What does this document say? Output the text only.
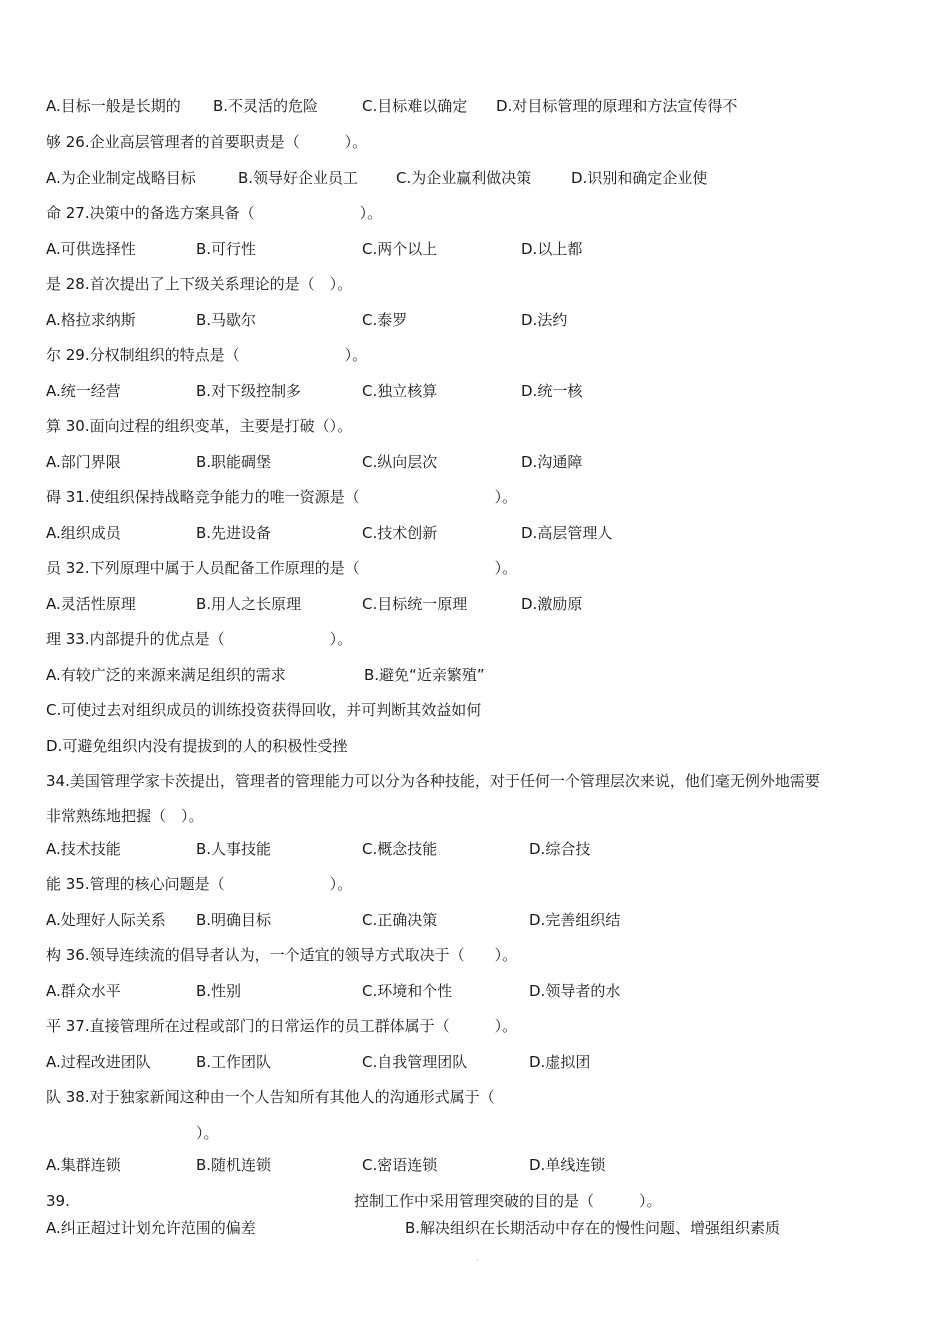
A.目标一般是长期的 B.不灵活的危险	C.目标难以确定 D.对目标管理的原理和方法宣传得不
够 26.企业高层管理者的首要职责是（　　　）。
A.为企业制定战略目标	B.领导好企业员工	C.为企业赢利做决策	D.识别和确定企业使
命 27.决策中的备选方案具备（　　　　　　　）。
A.可供选择性	B.可行性	C.两个以上	D.以上都
是 28.首次提出了上下级关系理论的是（　）。
A.格拉求纳斯	B.马歇尔	C.泰罗	D.法约
尔 29.分权制组织的特点是（　　　　　　　）。
A.统一经营	B.对下级控制多	C.独立核算	D.统一核
算 30.面向过程的组织变革，主要是打破（）。
A.部门界限	B.职能碉堡	C.纵向层次	D.沟通障
碍 31.使组织保持战略竞争能力的唯一资源是（　　　　　　　　　）。
A.组织成员	B.先进设备	C.技术创新	D.高层管理人
员 32.下列原理中属于人员配备工作原理的是（　　　　　　　　　）。
A.灵活性原理	B.用人之长原理	C.目标统一原理	D.激励原
理 33.内部提升的优点是（　　　　　　　）。
A.有较广泛的来源来满足组织的需求	B.避免“近亲繁殖”
C.可使过去对组织成员的训练投资获得回收，并可判断其效益如何
D.可避免组织内没有提拔到的人的积极性受挫
34.美国管理学家卡茨提出，管理者的管理能力可以分为各种技能，对于任何一个管理层次来说，他们毫无例外地需要
非常熟练地把握（　）。
A.技术技能	B.人事技能	C.概念技能	D.综合技
能 35.管理的核心问题是（　　　　　　　）。
A.处理好人际关系 B.明确目标	C.正确决策	D.完善组织结
构 36.领导连续流的倡导者认为，一个适宜的领导方式取决于（　　）。
A.群众水平	B.性别	C.环境和个性	D.领导者的水
平 37.直接管理所在过程或部门的日常运作的员工群体属于（　　　）。
A.过程改进团队	B.工作团队	C.自我管理团队	D.虚拟团
队 38.对于独家新闻这种由一个人告知所有其他人的沟通形式属于（
　　　　　　　　　　）。
A.集群连锁	B.随机连锁	C.密语连锁	D.单线连锁
39.	控制工作中采用管理突破的目的是（　　　）。
A.纠正超过计划允许范围的偏差	B.解决组织在长期活动中存在的慢性问题、增强组织素质
·
